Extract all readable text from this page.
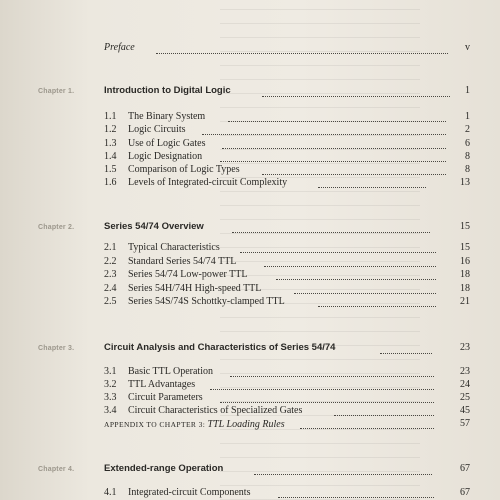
Preface	v
Chapter 1.	Introduction to Digital Logic	1
1.1 The Binary System	1
1.2 Logic Circuits	2
1.3 Use of Logic Gates	6
1.4 Logic Designation	8
1.5 Comparison of Logic Types	8
1.6 Levels of Integrated-circuit Complexity	13
Chapter 2.	Series 54/74 Overview	15
2.1 Typical Characteristics	15
2.2 Standard Series 54/74 TTL	16
2.3 Series 54/74 Low-power TTL	18
2.4 Series 54H/74H High-speed TTL	18
2.5 Series 54S/74S Schottky-clamped TTL	21
Chapter 3.	Circuit Analysis and Characteristics of Series 54/74	23
3.1 Basic TTL Operation	23
3.2 TTL Advantages	24
3.3 Circuit Parameters	25
3.4 Circuit Characteristics of Specialized Gates	45
APPENDIX TO CHAPTER 3: TTL Loading Rules	57
Chapter 4.	Extended-range Operation	67
4.1 Integrated-circuit Components	67
